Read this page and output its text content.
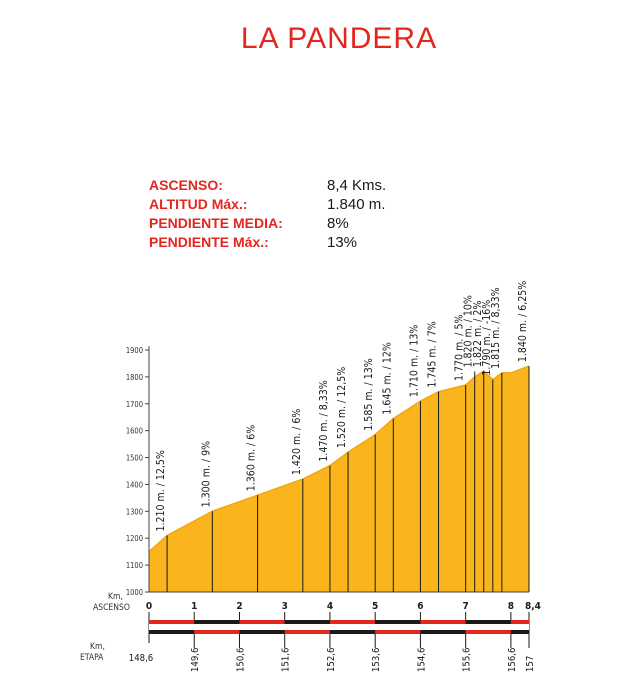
LA PANDERA
ASCENSO:	8,4 Kms.
ALTITUD Máx.:	1.840 m.
PENDIENTE MEDIA:	8%
PENDIENTE Máx.:	13%
1000
1100
1200
1300
1400
1500
1600
1700
1800
1900
1.210 m. / 12,5%	1.300 m. / 9%	1.360 m. / 6%	1.420 m. / 6% 1.470 m. / 8,33% 1.520 m. / 12,5% 1.585 m. / 13% 1.645 m. / 12% 1.710 m. / 13% 1.745 m. / 7% 1.770 m. / 5%
1.820 m. / 10%
1.822 m. / 2%
1.790 m. / -16%
1.815 m. / 8,33% 1.840 m. / 6,25%
Km,
ASCENSO 0	1	2	3	4	5	6	7	8 8,4
Km,
ETAPA	148,6	149,6	150,6	151,6	152,6	153,6	154,6	155,6	156,6 157
